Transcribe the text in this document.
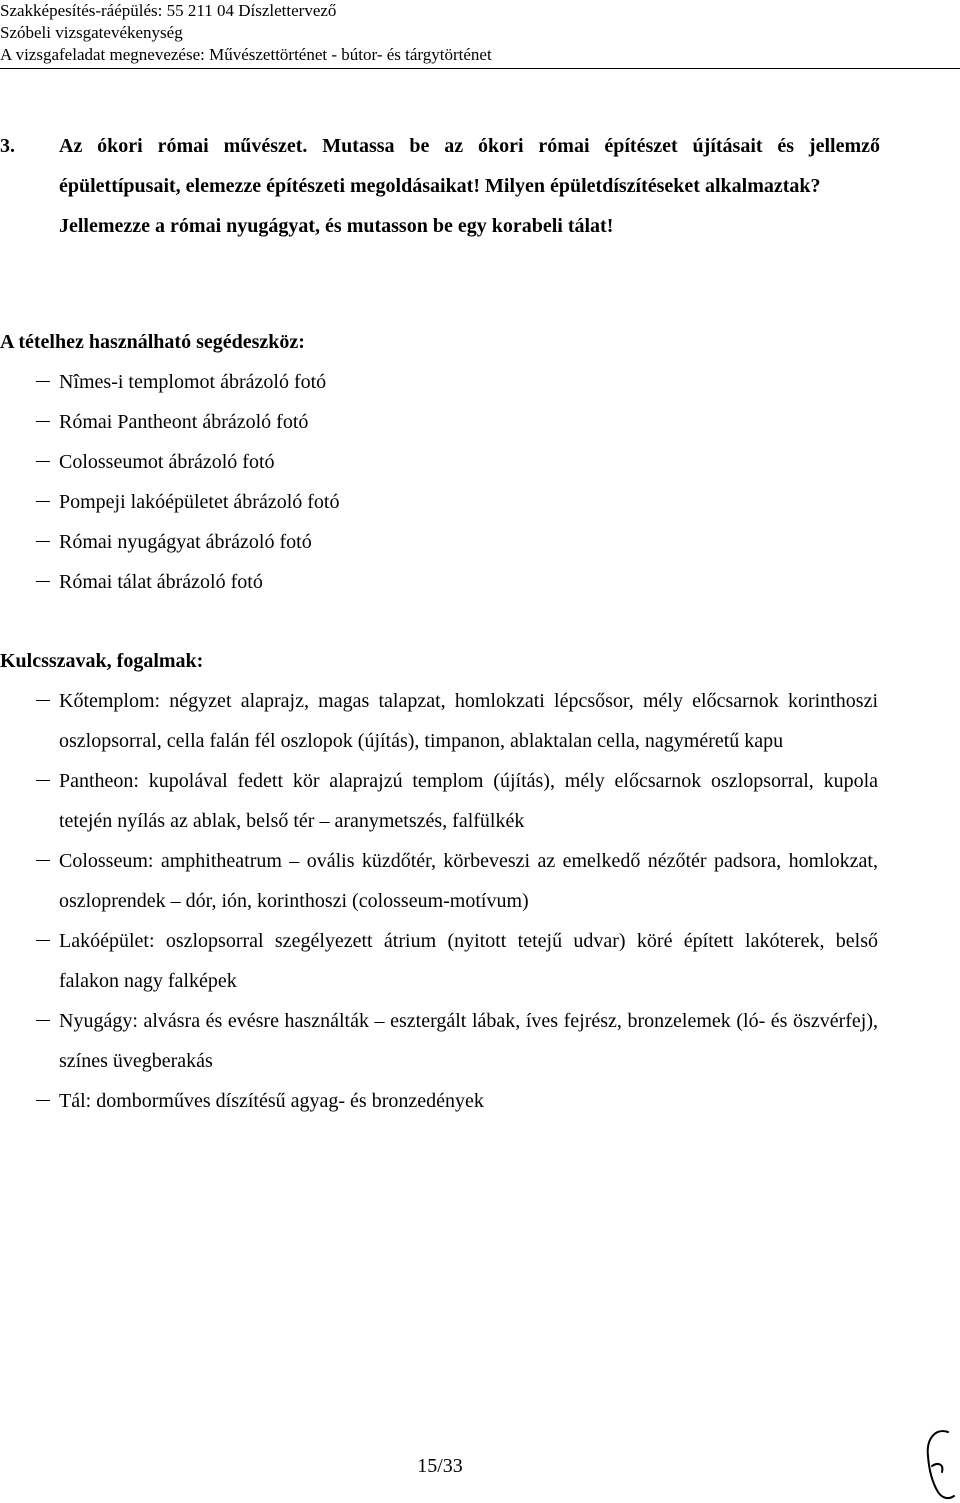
Szakképesítés-ráépülés: 55 211 04 Díszlettervező
Szóbeli vizsgatevékenység
A vizsgafeladat megnevezése: Művészettörténet - bútor- és tárgytörténet
3. Az ókori római művészet. Mutassa be az ókori római építészet újításait és jellemző épülettípusait, elemezze építészeti megoldásaikat! Milyen épületdíszítéseket alkalmaztak?
Jellemezze a római nyugágyat, és mutasson be egy korabeli tálat!
A tételhez használható segédeszköz:
Nîmes-i templomot ábrázoló fotó
Római Pantheont ábrázoló fotó
Colosseumot ábrázoló fotó
Pompeji lakóépületet ábrázoló fotó
Római nyugágyat ábrázoló fotó
Római tálat ábrázoló fotó
Kulcsszavak, fogalmak:
Kőtemplom: négyzet alaprajz, magas talapzat, homlokzati lépcsősor, mély előcsarnok korinthoszi oszlopsorral, cella falán fél oszlopok (újítás), timpanon, ablaktalan cella, nagyméretű kapu
Pantheon: kupolával fedett kör alaprajzú templom (újítás), mély előcsarnok oszlopsorral, kupola tetején nyílás az ablak, belső tér – aranymetszés, falfülkék
Colosseum: amphitheatrum – ovális küzdőtér, körbeveszi az emelkedő nézőtér padsora, homlokzat, oszloprendek – dór, ión, korinthoszi (colosseum-motívum)
Lakóépület: oszlopsorral szegélyezett átrium (nyitott tetejű udvar) köré épített lakóterek, belső falakon nagy falképek
Nyugágy: alvásra és evésre használták – esztergált lábak, íves fejrész, bronzelemek (ló- és öszvérfej), színes üvegberakás
Tál: domborműves díszítésű agyag- és bronzedények
15/33
